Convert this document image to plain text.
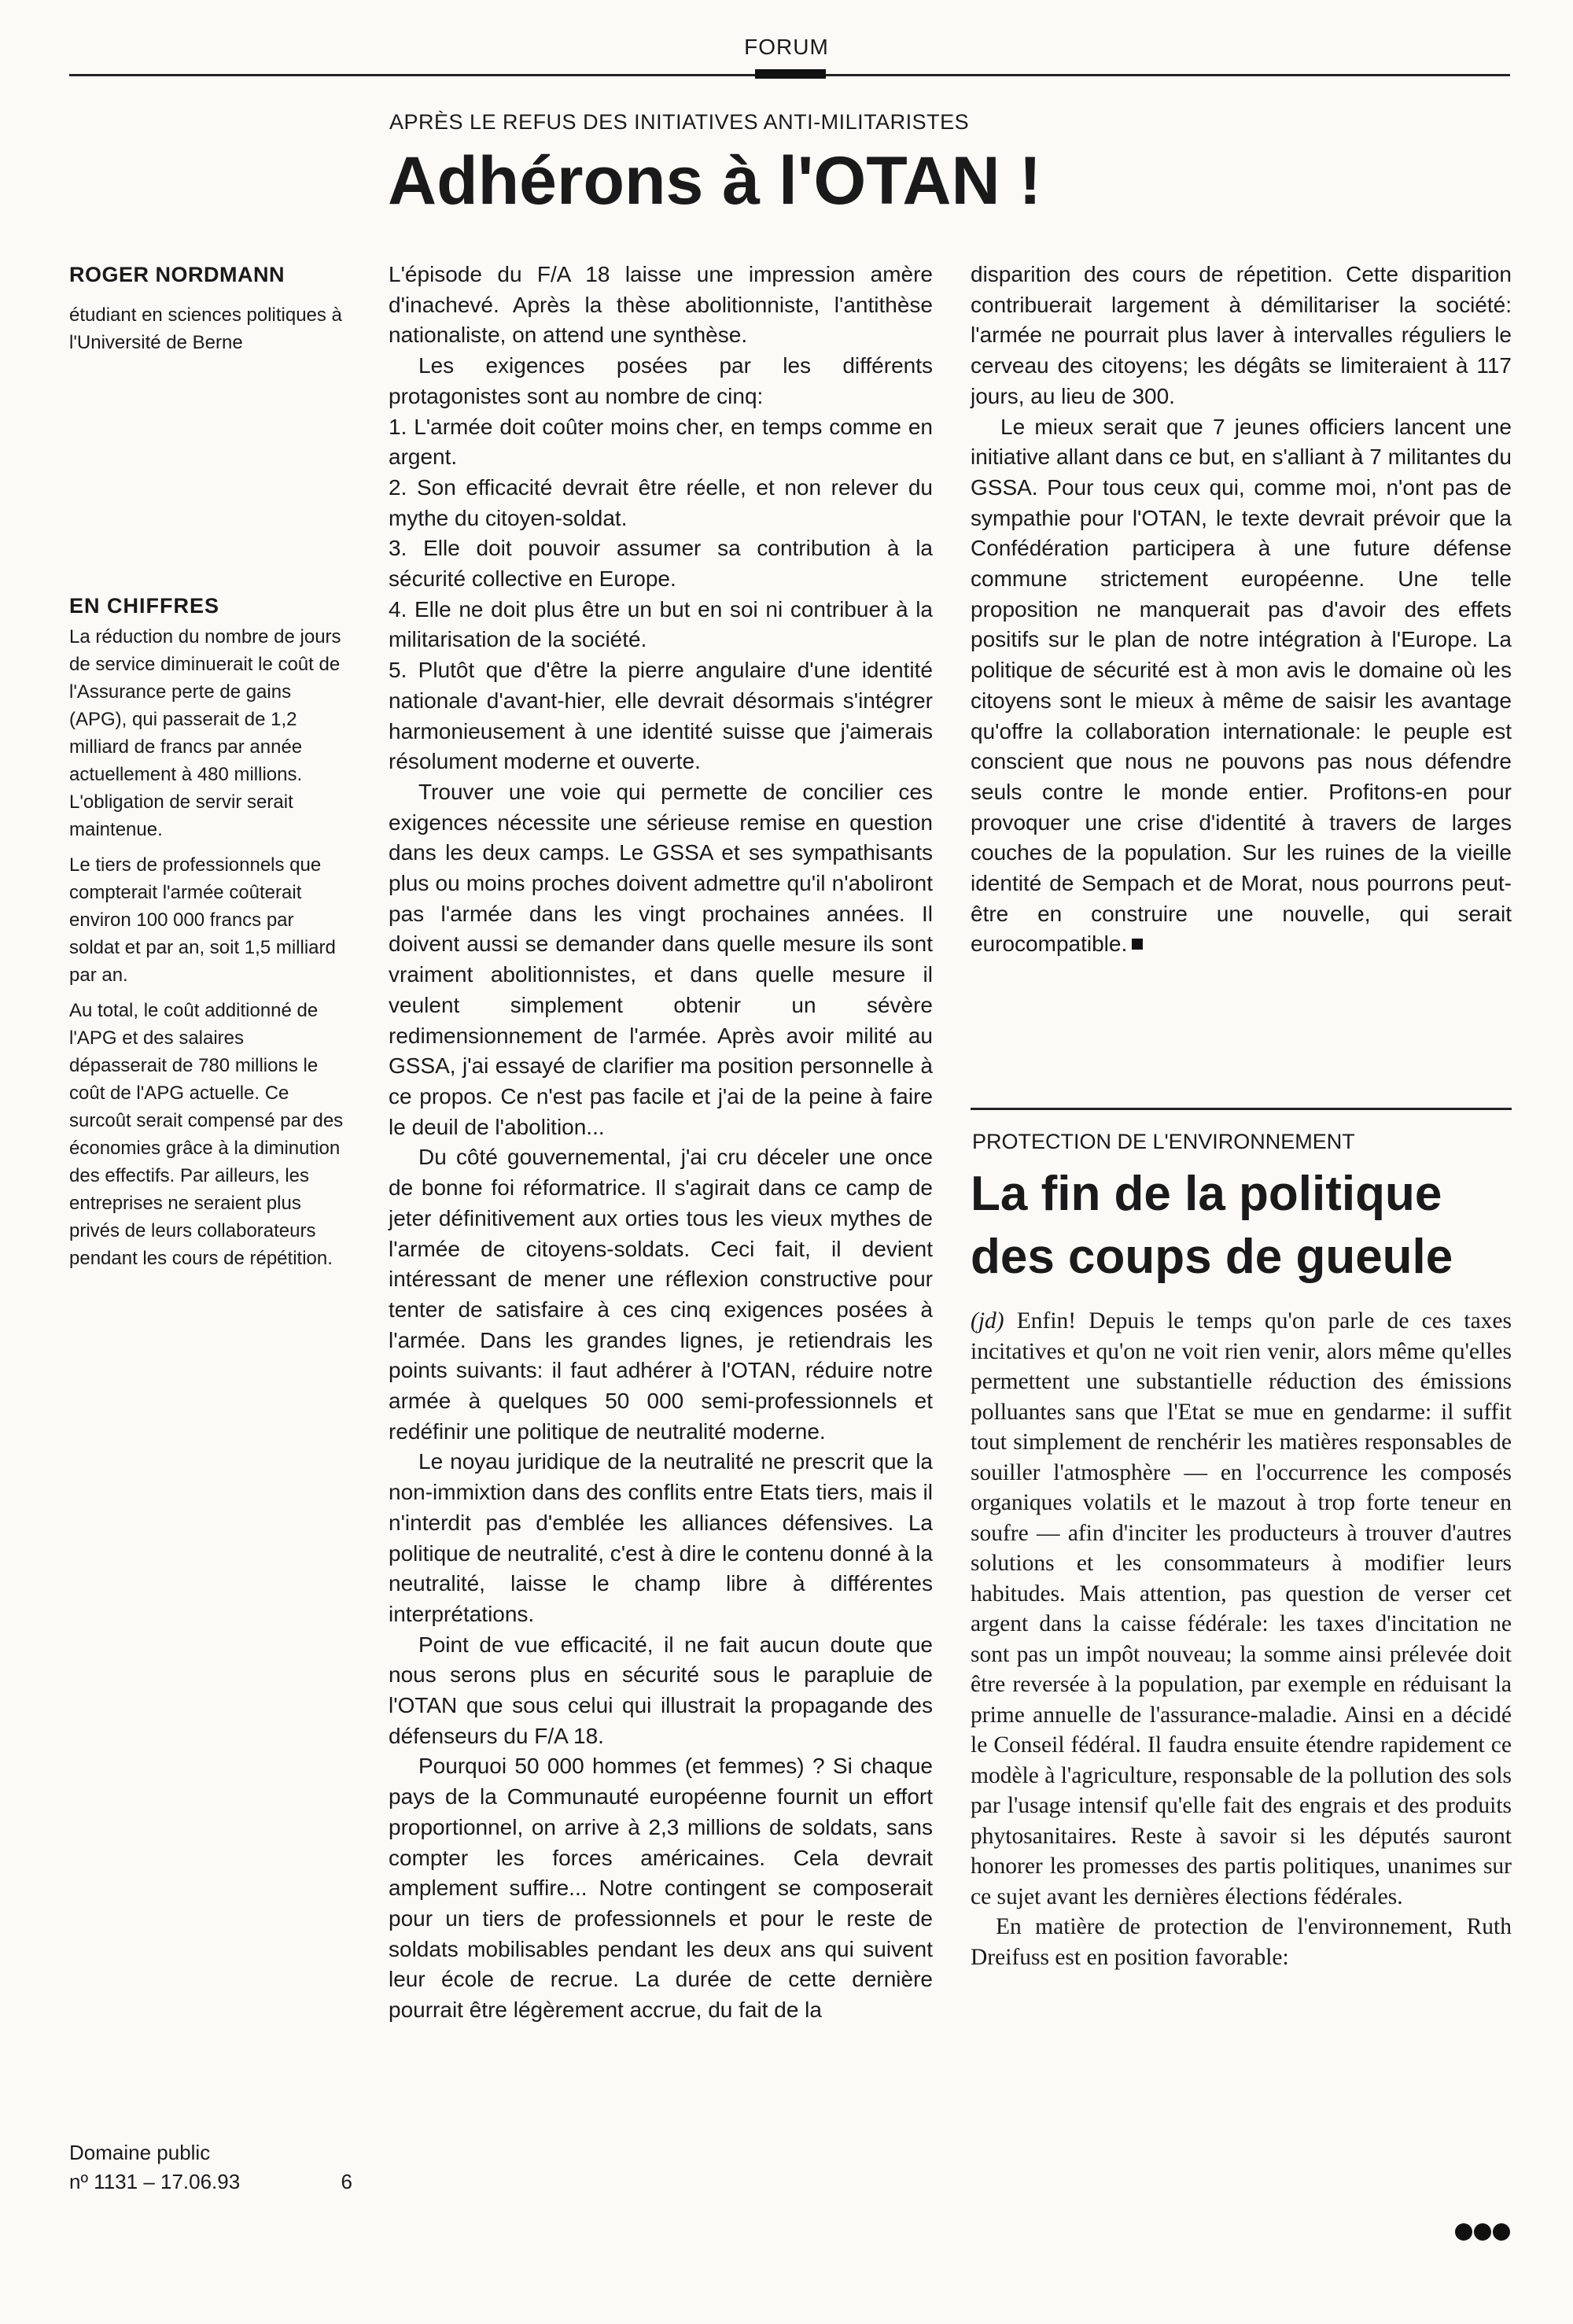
FORUM
APRÈS LE REFUS DES INITIATIVES ANTI-MILITARISTES
Adhérons à l'OTAN !
ROGER NORDMANN
étudiant en sciences politiques à l'Université de Berne
EN CHIFFRES

La réduction du nombre de jours de service diminuerait le coût de l'Assurance perte de gains (APG), qui passerait de 1,2 milliard de francs par année actuellement à 480 millions. L'obligation de servir serait maintenue.

Le tiers de professionnels que compterait l'armée coûterait environ 100 000 francs par soldat et par an, soit 1,5 milliard par an.

Au total, le coût additionné de l'APG et des salaires dépasserait de 780 millions le coût de l'APG actuelle. Ce surcoût serait compensé par des économies grâce à la diminution des effectifs. Par ailleurs, les entreprises ne seraient plus privés de leurs collaborateurs pendant les cours de répétition.

Domaine public
nº 1131 – 17.06.93	6

L'épisode du F/A 18 laisse une impression amère d'inachevé. Après la thèse abolitionniste, l'antithèse nationaliste, on attend une synthèse.

Les exigences posées par les différents protagonistes sont au nombre de cinq:

1. L'armée doit coûter moins cher, en temps comme en argent.

2. Son efficacité devrait être réelle, et non relever du mythe du citoyen-soldat.

3. Elle doit pouvoir assumer sa contribution à la sécurité collective en Europe.

4. Elle ne doit plus être un but en soi ni contribuer à la militarisation de la société.

5. Plutôt que d'être la pierre angulaire d'une identité nationale d'avant-hier, elle devrait désormais s'intégrer harmonieusement à une identité suisse que j'aimerais résolument moderne et ouverte.

Trouver une voie qui permette de concilier ces exigences nécessite une sérieuse remise en question dans les deux camps. Le GSSA et ses sympathisants plus ou moins proches doivent admettre qu'il n'aboliront pas l'armée dans les vingt prochaines années. Il doivent aussi se demander dans quelle mesure ils sont vraiment abolitionnistes, et dans quelle mesure il veulent simplement obtenir un sévère redimensionnement de l'armée. Après avoir milité au GSSA, j'ai essayé de clarifier ma position personnelle à ce propos. Ce n'est pas facile et j'ai de la peine à faire le deuil de l'abolition...

Du côté gouvernemental, j'ai cru déceler une once de bonne foi réformatrice. Il s'agirait dans ce camp de jeter définitivement aux orties tous les vieux mythes de l'armée de citoyens-soldats. Ceci fait, il devient intéressant de mener une réflexion constructive pour tenter de satisfaire à ces cinq exigences posées à l'armée. Dans les grandes lignes, je retiendrais les points suivants: il faut adhérer à l'OTAN, réduire notre armée à quelques 50 000 semi-professionnels et redéfinir une politique de neutralité moderne.

Le noyau juridique de la neutralité ne prescrit que la non-immixtion dans des conflits entre Etats tiers, mais il n'interdit pas d'emblée les alliances défensives. La politique de neutralité, c'est à dire le contenu donné à la neutralité, laisse le champ libre à différentes interprétations.

Point de vue efficacité, il ne fait aucun doute que nous serons plus en sécurité sous le parapluie de l'OTAN que sous celui qui illustrait la propagande des défenseurs du F/A 18.

Pourquoi 50 000 hommes (et femmes) ? Si chaque pays de la Communauté européenne fournit un effort proportionnel, on arrive à 2,3 millions de soldats, sans compter les forces américaines. Cela devrait amplement suffire... Notre contingent se composerait pour un tiers de professionnels et pour le reste de soldats mobilisables pendant les deux ans qui suivent leur école de recrue. La durée de cette dernière pourrait être légèrement accrue, du fait de la

disparition des cours de répetition. Cette disparition contribuerait largement à démilitariser la société: l'armée ne pourrait plus laver à intervalles réguliers le cerveau des citoyens; les dégâts se limiteraient à 117 jours, au lieu de 300.

Le mieux serait que 7 jeunes officiers lancent une initiative allant dans ce but, en s'alliant à 7 militantes du GSSA. Pour tous ceux qui, comme moi, n'ont pas de sympathie pour l'OTAN, le texte devrait prévoir que la Confédération participera à une future défense commune strictement européenne. Une telle proposition ne manquerait pas d'avoir des effets positifs sur le plan de notre intégration à l'Europe. La politique de sécurité est à mon avis le domaine où les citoyens sont le mieux à même de saisir les avantage qu'offre la collaboration internationale: le peuple est conscient que nous ne pouvons pas nous défendre seuls contre le monde entier. Profitons-en pour provoquer une crise d'identité à travers de larges couches de la population. Sur les ruines de la vieille identité de Sempach et de Morat, nous pourrons peut-être en construire une nouvelle, qui serait eurocompatible.

PROTECTION DE L'ENVIRONNEMENT
La fin de la politique
des coups de gueule

(jd) Enfin! Depuis le temps qu'on parle de ces taxes incitatives et qu'on ne voit rien venir, alors même qu'elles permettent une substantielle réduction des émissions polluantes sans que l'Etat se mue en gendarme: il suffit tout simplement de renchérir les matières responsables de souiller l'atmosphère — en l'occurrence les composés organiques volatils et le mazout à trop forte teneur en soufre — afin d'inciter les producteurs à trouver d'autres solutions et les consommateurs à modifier leurs habitudes. Mais attention, pas question de verser cet argent dans la caisse fédérale: les taxes d'incitation ne sont pas un impôt nouveau; la somme ainsi prélevée doit être reversée à la population, par exemple en réduisant la prime annuelle de l'assurance-maladie. Ainsi en a décidé le Conseil fédéral. Il faudra ensuite étendre rapidement ce modèle à l'agriculture, responsable de la pollution des sols par l'usage intensif qu'elle fait des engrais et des produits phytosanitaires. Reste à savoir si les députés sauront honorer les promesses des partis politiques, unanimes sur ce sujet avant les dernières élections fédérales.

En matière de protection de l'environnement, Ruth Dreifuss est en position favorable:
